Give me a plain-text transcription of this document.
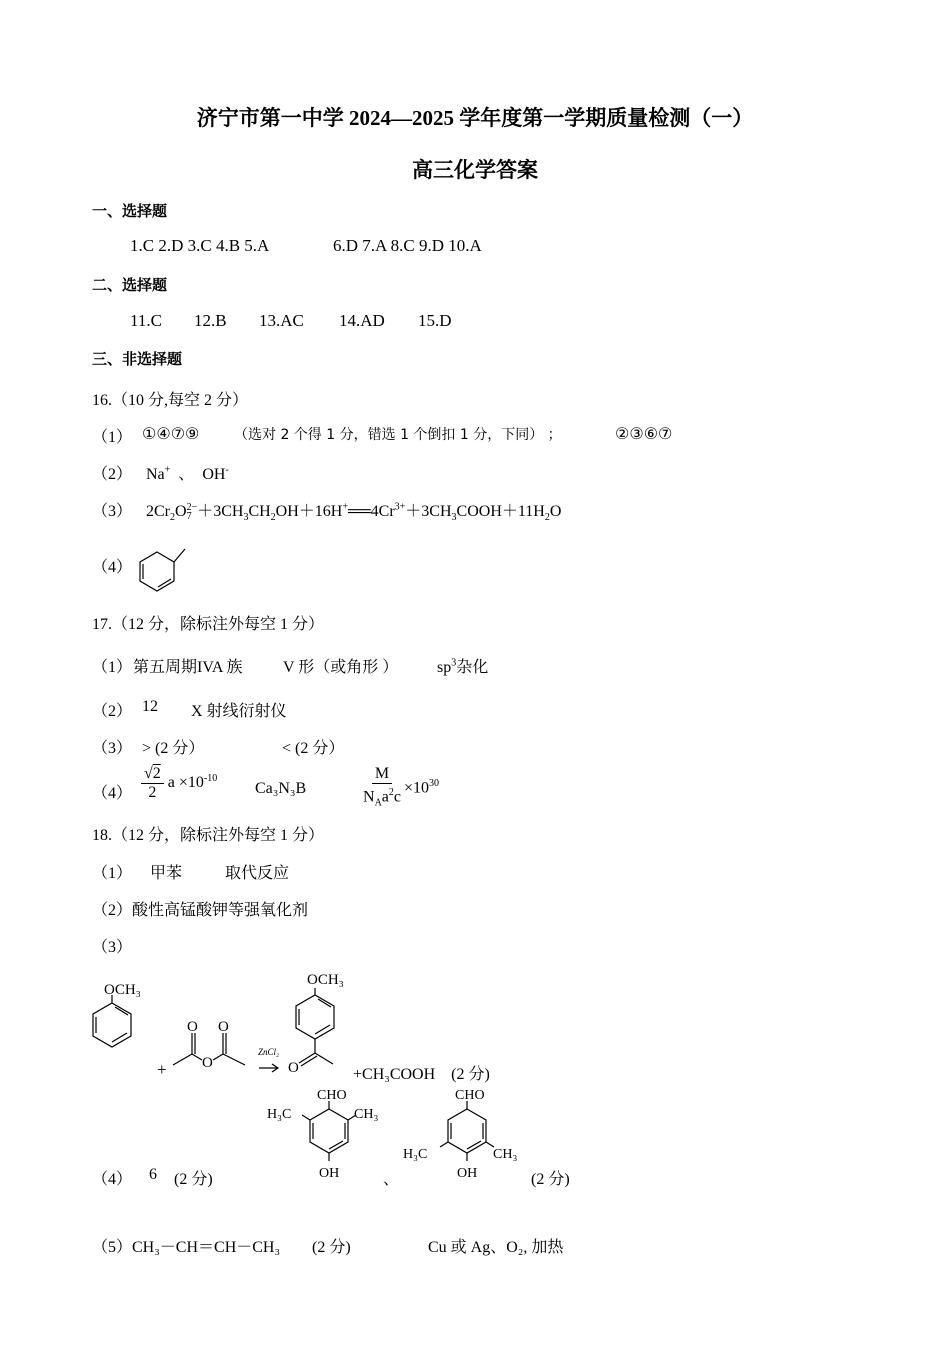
济宁市第一中学 2024—2025 学年度第一学期质量检测（一）
高三化学答案
一、选择题
1.C 2.D 3.C 4.B 5.A	6.D 7.A 8.C 9.D 10.A
二、选择题
11.C 12.B 13.AC 14.AD 15.D
三、非选择题
16.（10 分,每空 2 分）
（1） ①④⑦⑨ （选对 2 个得 1 分，错选 1 个倒扣 1 分，下同） ；	②③⑥⑦
（2） Na+ 、 OH-
（3） $2Cr_2O$ 2−
$7 +3CH_3CH_2OH+16H^+══4Cr^{3+}+3CH_3COOH+11H_2O$
（4）
17.（12 分，除标注外每空 1 分）
（1） 第五周期IVA 族	V 形（或角形 ） $sp^3$杂化
（2） 12 X 射线衍射仪
（3） > (2 分）	< (2 分）
$(4) \frac{√2}{2}$ $a \times 10^{-10}$
Ca₃N₃B	$\frac{M}{N_Aa^2c} \times 10^{30}$
18.（12 分，除标注外每空 1 分）
（1） 甲苯	取代反应
（2）酸性高锰酸钾等强氧化剂
（3）
OCH₃
OCH₃
+
O O
O	O
ZnCl₂
+CH₃COOH (2 分)
（4） 6 (2 分)
CHO
H₃C	CH₃
OH	、
CHO
H₃C	CH₃
OH	(2 分)
（5）CH₃－CH＝CH－CH₃ (2 分)	Cu 或 Ag、O₂, 加热
